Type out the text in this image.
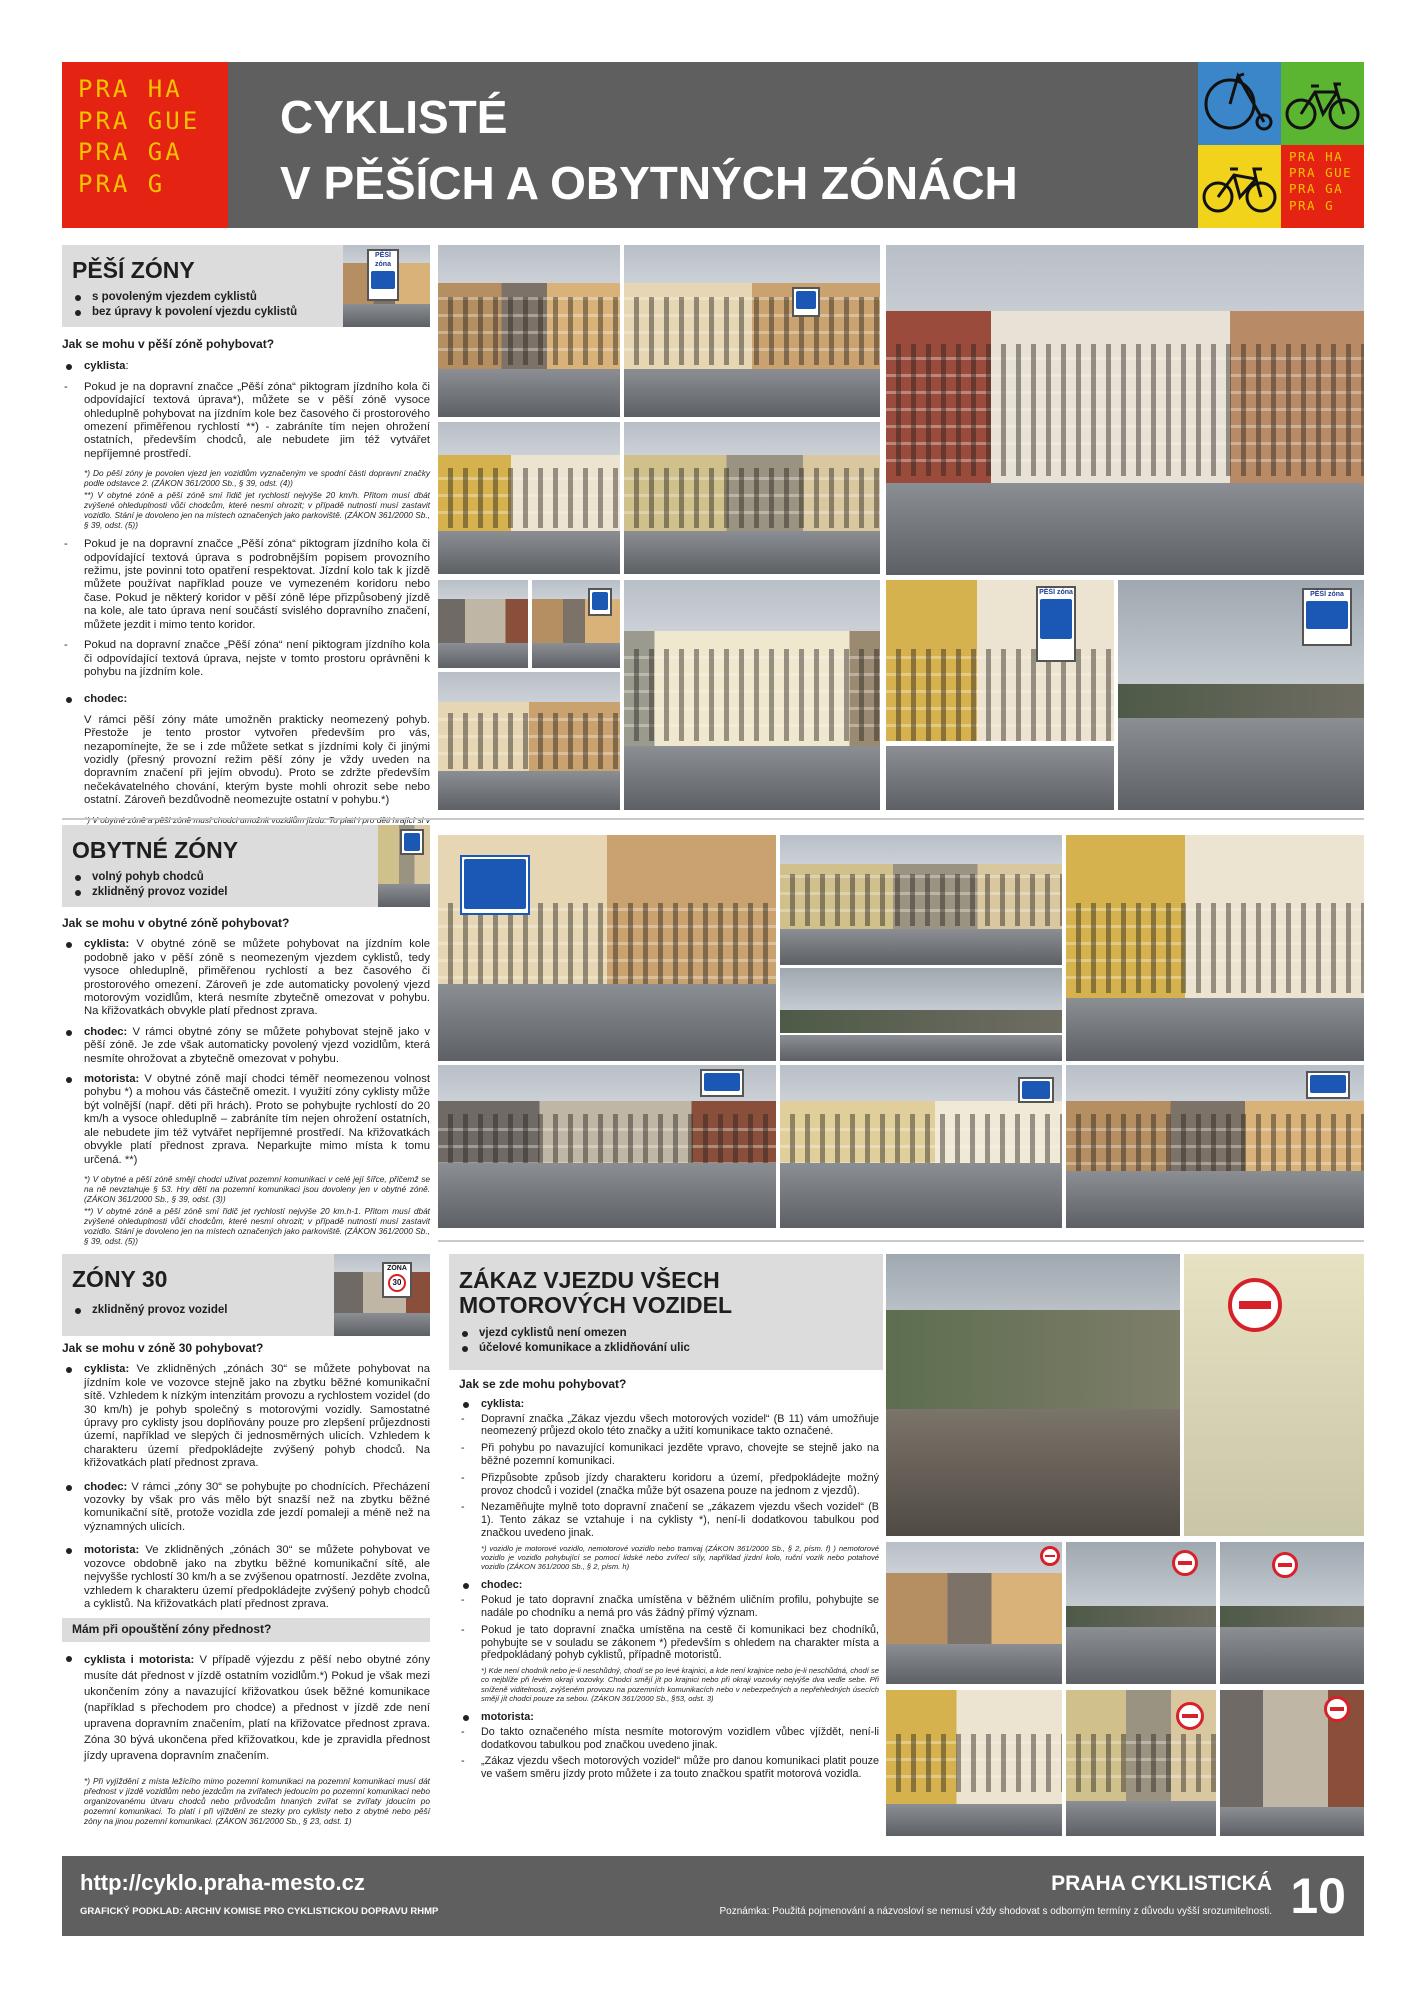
PRA HA
PRA GUE
PRA GA
PRA G
CYKLISTÉ
V PĚŠÍCH A OBYTNÝCH ZÓNÁCH
PRA HA
PRA GUE
PRA GA
PRA G
PĚŠÍ ZÓNY
s povoleným vjezdem cyklistů
bez úpravy k povolení vjezdu cyklistů
PĚŠÍ zóna
Jak se mohu v pěší zóně pohybovat?
cyklista:
- Pokud je na dopravní značce „Pěší zóna“ piktogram jízdního kola či odpovídající textová úprava*), můžete se v pěší zóně vysoce ohleduplně pohybovat na jízdním kole bez časového či prostorového omezení přiměřenou rychlostí **) - zabráníte tím nejen ohrožení ostatních, především chodců, ale nebudete jim též vytvářet nepříjemné prostředí.
*) Do pěší zóny je povolen vjezd jen vozidlům vyznačeným ve spodní části dopravní značky podle odstavce 2. (ZÁKON 361/2000 Sb., § 39, odst. (4))
**) V obytné zóně a pěší zóně smí řidič jet rychlostí nejvýše 20 km/h. Přitom musí dbát zvýšené ohleduplnosti vůči chodcům, které nesmí ohrozit; v případě nutnosti musí zastavit vozidlo. Stání je dovoleno jen na místech označených jako parkoviště. (ZÁKON 361/2000 Sb., § 39, odst. (5))
- Pokud je na dopravní značce „Pěší zóna“ piktogram jízdního kola či odpovídající textová úprava s podrobnějším popisem provozního režimu, jste povinni toto opatření respektovat. Jízdní kolo tak k jízdě můžete používat například pouze ve vymezeném koridoru nebo čase. Pokud je některý koridor v pěší zóně lépe přizpůsobený jízdě na kole, ale tato úprava není součástí svislého dopravního značení, můžete jezdit i mimo tento koridor.
- Pokud na dopravní značce „Pěší zóna“ není piktogram jízdního kola či odpovídající textová úprava, nejste v tomto prostoru oprávněni k pohybu na jízdním kole.
chodec:
V rámci pěší zóny máte umožněn prakticky neomezený pohyb. Přestože je tento prostor vytvořen především pro vás, nezapomínejte, že se i zde můžete setkat s jízdními koly či jinými vozidly (přesný provozní režim pěší zóny je vždy uveden na dopravním značení při jejím obvodu). Proto se zdržte především nečekávatelného chování, kterým byste mohli ohrozit sebe nebo ostatní. Zároveň bezdůvodně neomezujte ostatní v pohybu.*)
PĚŠÍ zóna	PĚŠÍ zóna
OBYTNÉ ZÓNY
volný pohyb chodců
zklidněný provoz vozidel
Jak se mohu v obytné zóně pohybovat?
cyklista: V obytné zóně se můžete pohybovat na jízdním kole podobně jako v pěší zóně s neomezeným vjezdem cyklistů, tedy vysoce ohleduplně, přiměřenou rychlostí a bez časového či prostorového omezení. Zároveň je zde automaticky povolený vjezd motorovým vozidlům, která nesmíte zbytečně omezovat v pohybu. Na křižovatkách obvykle platí přednost zprava.
chodec: V rámci obytné zóny se můžete pohybovat stejně jako v pěší zóně. Je zde však automaticky povolený vjezd vozidlům, která nesmíte ohrožovat a zbytečně omezovat v pohybu.
motorista: V obytné zóně mají chodci téměř neomezenou volnost pohybu *) a mohou vás částečně omezit. I využití zóny cyklisty může být volnější (např. děti při hrách). Proto se pohybujte rychlostí do 20 km/h a vysoce ohleduplně – zabráníte tím nejen ohrožení ostatních, ale nebudete jim též vytvářet nepříjemné prostředí. Na křižovatkách obvykle platí přednost zprava. Neparkujte mimo místa k tomu určená. **)
*) V obytné a pěší zóně smějí chodci užívat pozemní komunikaci v celé její šířce, přičemž se na ně nevztahuje § 53. Hry dětí na pozemní komunikaci jsou dovoleny jen v obytné zóně. (ZÁKON 361/2000 Sb., § 39, odst. (3))
**) V obytné zóně a pěší zóně smí řidič jet rychlostí nejvýše 20 km.h-1. Přitom musí dbát zvýšené ohleduplnosti vůči chodcům, které nesmí ohrozit; v případě nutnosti musí zastavit vozidlo. Stání je dovoleno jen na místech označených jako parkoviště. (ZÁKON 361/2000 Sb., § 39, odst. (5))
ZÓNY 30
zklidněný provoz vozidel
ZÓNA
30
Jak se mohu v zóně 30 pohybovat?
cyklista: Ve zklidněných „zónách 30“ se můžete pohybovat na jízdním kole ve vozovce stejně jako na zbytku běžné komunikační sítě. Vzhledem k nízkým intenzitám provozu a rychlostem vozidel (do 30 km/h) je pohyb společný s motorovými vozidly. Samostatné úpravy pro cyklisty jsou doplňovány pouze pro zlepšení průjezdnosti území, například ve slepých či jednosměrných ulicích. Vzhledem k charakteru území předpokládejte zvýšený pohyb chodců. Na křižovatkách platí přednost zprava.
chodec: V rámci „zóny 30“ se pohybujte po chodnících. Přecházení vozovky by však pro vás mělo být snazší než na zbytku běžné komunikační sítě, protože vozidla zde jezdí pomaleji a méně než na významných ulicích.
motorista: Ve zklidněných „zónách 30“ se můžete pohybovat ve vozovce obdobně jako na zbytku běžné komunikační sítě, ale nejvyšše rychlostí 30 km/h a se zvýšenou opatrností. Jezděte zvolna, vzhledem k charakteru území předpokládejte zvýšený pohyb chodců a cyklistů. Na křižovatkách platí přednost zprava.
Mám při opouštění zóny přednost?
cyklista i motorista: V případě výjezdu z pěší nebo obytné zóny musíte dát přednost v jízdě ostatním vozidlům.*) Pokud je však mezi ukončením zóny a navazující křižovatkou úsek běžné komunikace (například s přechodem pro chodce) a přednost v jízdě zde není upravena dopravním značením, platí na křižovatce přednost zprava. Zóna 30 bývá ukončena před křižovatkou, kde je zpravidla přednost jízdy upravena dopravním značením.
*) Při vyjíždění z místa ležícího mimo pozemní komunikaci na pozemní komunikaci musí dát přednost v jízdě vozidlům nebo jezdcům na zvířatech jedoucím po pozemní komunikaci nebo organizovanému útvaru chodců nebo průvodcům hnaných zvířat se zvířaty jdoucím po pozemní komunikaci. To platí i při vjíždění ze stezky pro cyklisty nebo z obytné nebo pěší zóny na jinou pozemní komunikaci. (ZÁKON 361/2000 Sb., § 23, odst. 1)
ZÁKAZ VJEZDU VŠECH
MOTOROVÝCH VOZIDEL
vjezd cyklistů není omezen
účelové komunikace a zklidňování ulic
Jak se zde mohu pohybovat?
cyklista:
- Dopravní značka „Zákaz vjezdu všech motorových vozidel“ (B 11) vám umožňuje neomezený průjezd okolo této značky a užití komunikace takto označené.
- Při pohybu po navazující komunikaci jezděte vpravo, chovejte se stejně jako na běžné pozemní komunikaci.
- Přizpůsobte způsob jízdy charakteru koridoru a území, předpokládejte možný provoz chodců i vozidel (značka může být osazena pouze na jednom z vjezdů).
- Nezaměňujte mylně toto dopravní značení se „zákazem vjezdu všech vozidel“ (B 1). Tento zákaz se vztahuje i na cyklisty *), není-li dodatkovou tabulkou pod značkou uvedeno jinak.
*) vozidlo je motorové vozidlo, nemotorové vozidlo nebo tramvaj (ZÁKON 361/2000 Sb., § 2, písm. f) ) nemotorové vozidlo je vozidlo pohybující se pomocí lidské nebo zvířecí síly, například jízdní kolo, ruční vozík nebo potahové vozidlo (ZÁKON 361/2000 Sb., § 2, písm. h)
chodec:
- Pokud je tato dopravní značka umístěna v běžném uličním profilu, pohybujte se nadále po chodníku a nemá pro vás žádný přímý význam.
- Pokud je tato dopravní značka umístěna na cestě či komunikaci bez chodníků, pohybujte se v souladu se zákonem *) především s ohledem na charakter místa a předpokládaný pohyb cyklistů, případně motoristů.
*) Kde není chodník nebo je-li neschůdný, chodí se po levé krajnici, a kde není krajnice nebo je-li neschůdná, chodí se co nejblíže při levém okraji vozovky. Chodci smějí jít po krajnici nebo při okraji vozovky nejvýše dva vedle sebe. Při sníženě viditelnosti, zvýšeném provozu na pozemních komunikacích nebo v nebezpečných a nepřehledných úsecích smějí jít chodci pouze za sebou. (ZÁKON 361/2000 Sb., §53, odst. 3)
motorista:
- Do takto označeného místa nesmíte motorovým vozidlem vůbec vjíždět, není-li dodatkovou tabulkou pod značkou uvedeno jinak.
- „Zákaz vjezdu všech motorových vozidel“ může pro danou komunikaci platit pouze ve vašem směru jízdy proto můžete i za touto značkou spatřit motorová vozidla.
http://cyklo.praha-mesto.cz
GRAFICKÝ PODKLAD: ARCHIV KOMISE PRO CYKLISTICKOU DOPRAVU RHMP
PRAHA CYKLISTICKÁ
Poznámka: Použitá pojmenování a názvosloví se nemusí vždy shodovat s odborným termíny z důvodu vyšší srozumitelnosti. 10
